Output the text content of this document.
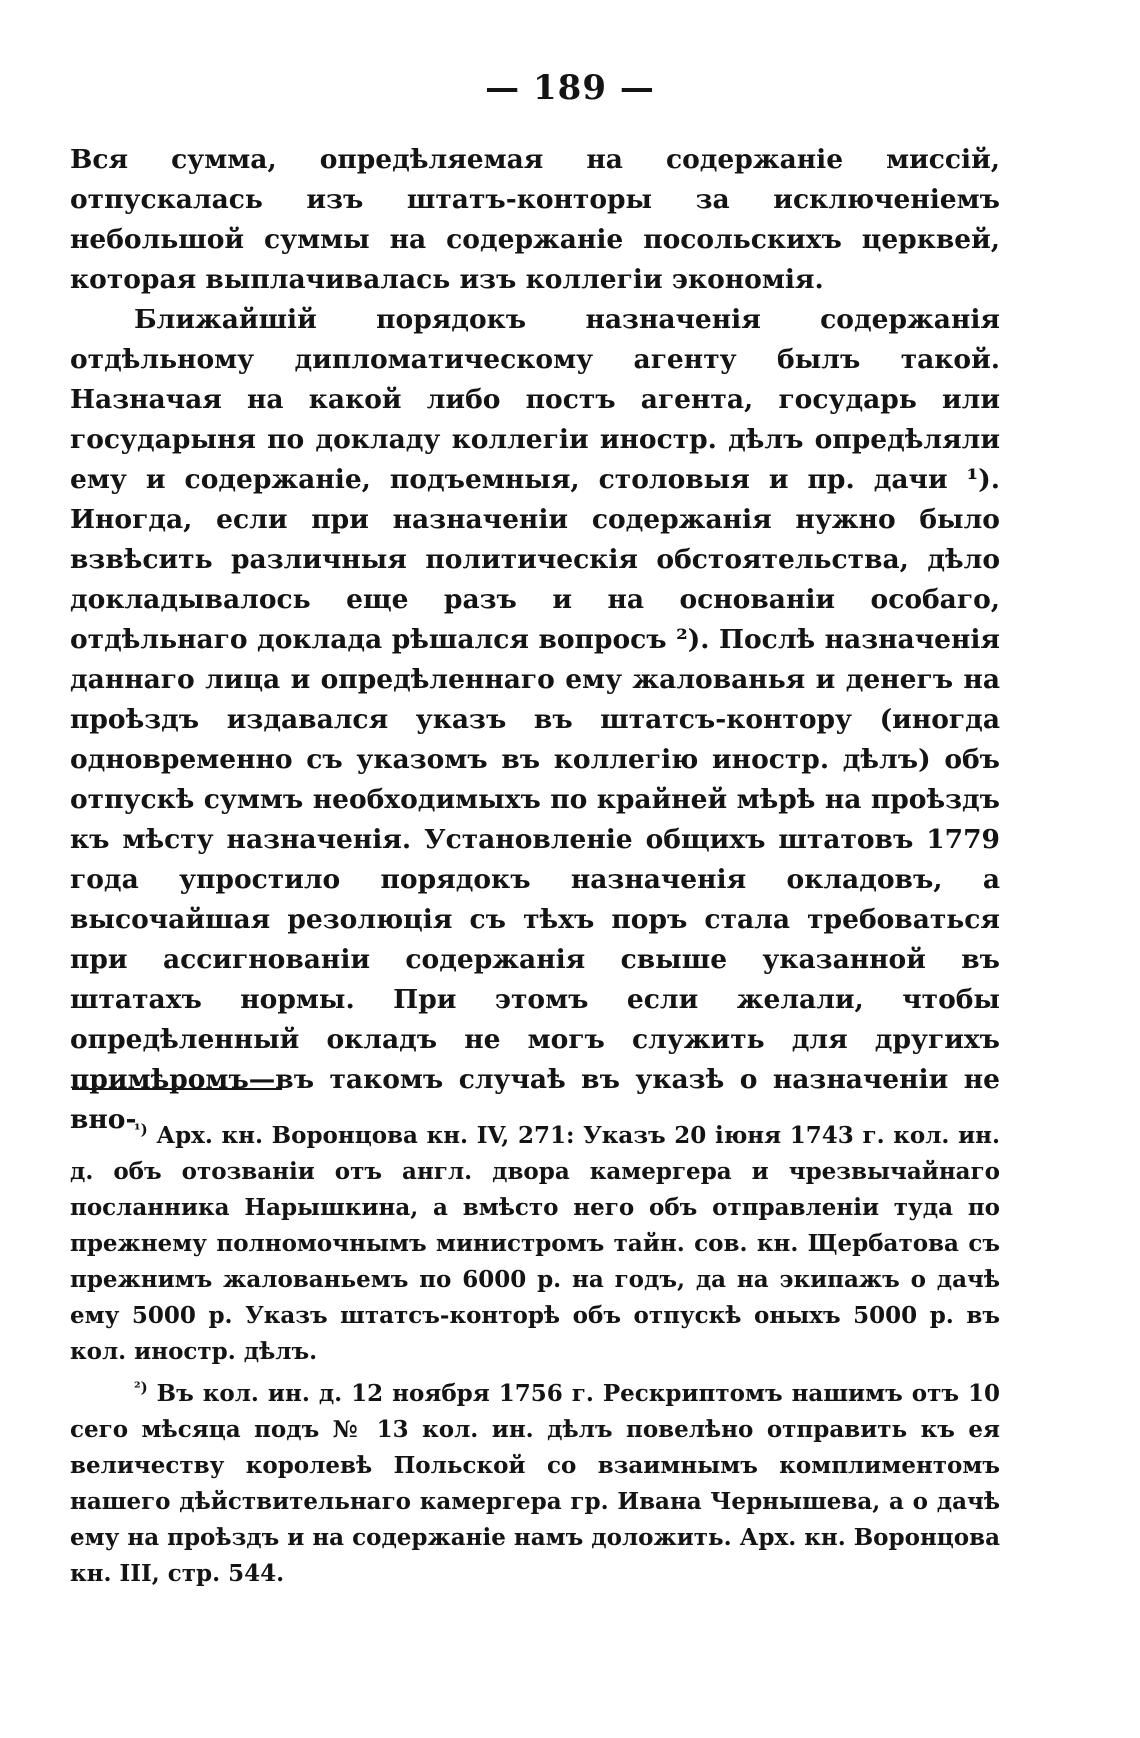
— 189 —

Вся сумма, опредѣляемая на содержаніе миссій, отпускалась изъ штатъ-конторы за исключеніемъ небольшой суммы на содержаніе посольскихъ церквей, которая выплачивалась изъ коллегіи экономія.

Ближайшій порядокъ назначенія содержанія отдѣльному дипломатическому агенту былъ такой. Назначая на какой либо постъ агента, государь или государыня по докладу коллегіи иностр. дѣлъ опредѣляли ему и содержаніе, подъемныя, столовыя и пр. дачи ¹). Иногда, если при назначеніи содержанія нужно было взвѣсить различныя политическія обстоятельства, дѣло докладывалось еще разъ и на основаніи особаго, отдѣльнаго доклада рѣшался вопросъ ²). Послѣ назначенія даннаго лица и опредѣленнаго ему жалованья и денегъ на проѣздъ издавался указъ въ штатсъ-контору (иногда одновременно съ указомъ въ коллегію иностр. дѣлъ) объ отпускѣ суммъ необходимыхъ по крайней мѣрѣ на проѣздъ къ мѣсту назначенія. Установленіе общихъ штатовъ 1779 года упростило порядокъ назначенія окладовъ, а высочайшая резолюція съ тѣхъ поръ стала требоваться при ассигнованіи содержанія свыше указанной въ штатахъ нормы. При этомъ если желали, чтобы опредѣленный окладъ не могъ служить для другихъ примѣромъ—въ такомъ случаѣ въ указѣ о назначеніи не вно-

$^{^1)}$ Арх. кн. Воронцова кн. IV, 271: Указъ 20 іюня 1743 г. кол. ин. д. объ отозваніи отъ англ. двора камергера и чрезвычайнаго посланника Нарышкина, а вмѣсто него объ отправленіи туда по прежнему полномочнымъ министромъ тайн. сов. кн. Щербатова съ прежнимъ жалованьемъ по 6000 р. на годъ, да на экипажъ о дачѣ ему 5000 р. Указъ штатсъ-конторѣ объ отпускѣ оныхъ 5000 р. въ кол. иностр. дѣлъ.

$^{^2)}$ Въ кол. ин. д. 12 ноября 1756 г. Рескриптомъ нашимъ отъ 10 сего мѣсяца подъ № 13 кол. ин. дѣлъ повелѣно отправить къ ея величеству королевѣ Польской со взаимнымъ комплиментомъ нашего дѣйствительнаго камергера гр. Ивана Чернышева, а о дачѣ ему на проѣздъ и на содержаніе намъ доложить. Арх. кн. Воронцова кн. III, стр. 544.
